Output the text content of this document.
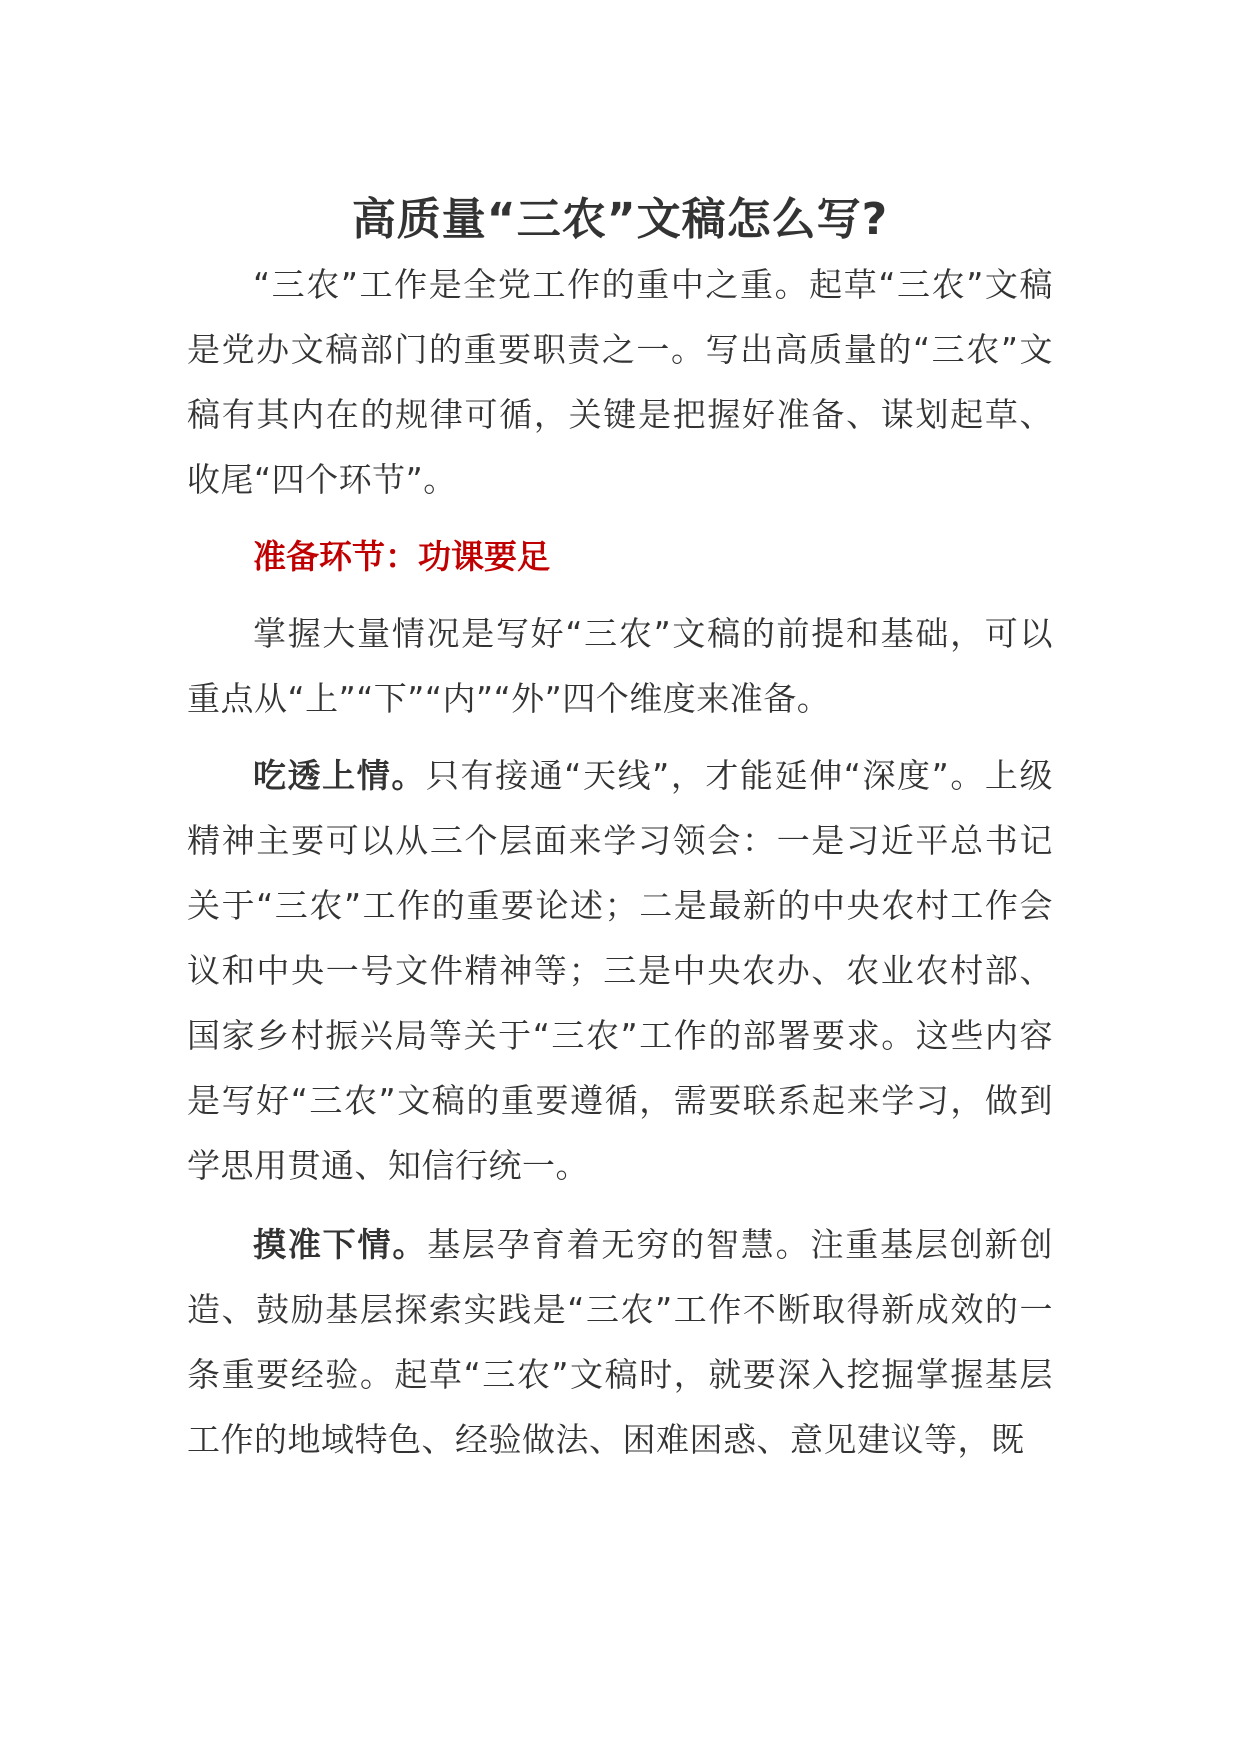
高质量“三农”文稿怎么写?

“三农”工作是全党工作的重中之重。起草“三农”文稿是党办文稿部门的重要职责之一。写出高质量的“三农”文稿有其内在的规律可循，关键是把握好准备、谋划起草、收尾“四个环节”。

准备环节：功课要足

掌握大量情况是写好“三农”文稿的前提和基础，可以重点从“上”“下”“内”“外”四个维度来准备。

吃透上情。只有接通“天线”，才能延伸“深度”。上级精神主要可以从三个层面来学习领会：一是习近平总书记关于“三农”工作的重要论述；二是最新的中央农村工作会议和中央一号文件精神等；三是中央农办、农业农村部、国家乡村振兴局等关于“三农”工作的部署要求。这些内容是写好“三农”文稿的重要遵循，需要联系起来学习，做到学思用贯通、知信行统一。

摸准下情。基层孕育着无穷的智慧。注重基层创新创造、鼓励基层探索实践是“三农”工作不断取得新成效的一条重要经验。起草“三农”文稿时，就要深入挖掘掌握基层工作的地域特色、经验做法、困难困惑、意见建议等，既
